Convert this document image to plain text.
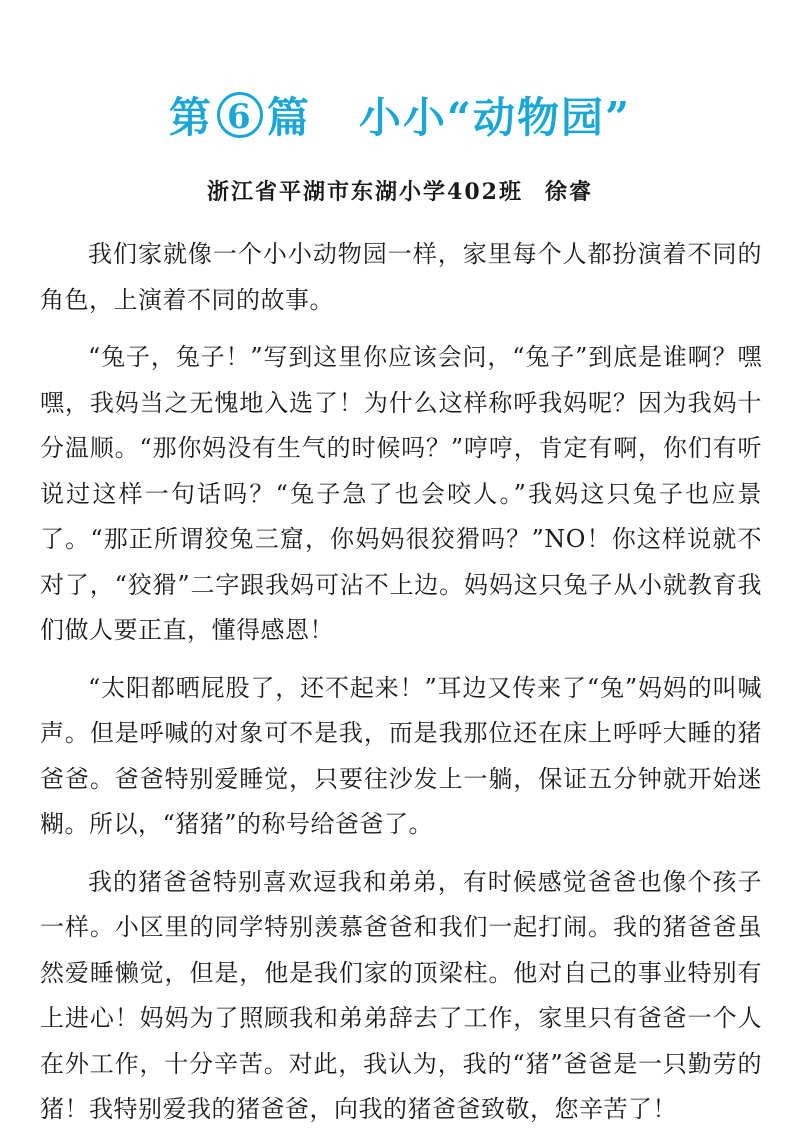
第 6 篇 小小“动物园”
浙江省平湖市东湖小学402班 徐睿

我们家就像一个小小动物园一样，家里每个人都扮演着不同的角色，上演着不同的故事。

“兔子，兔子！”写到这里你应该会问，“兔子”到底是谁啊？嘿嘿，我妈当之无愧地入选了！为什么这样称呼我妈呢？因为我妈十分温顺。“那你妈没有生气的时候吗？”哼哼，肯定有啊，你们有听说过这样一句话吗？“兔子急了也会咬人。”我妈这只兔子也应景了。“那正所谓狡兔三窟，你妈妈很狡猾吗？”NO！你这样说就不对了，“狡猾”二字跟我妈可沾不上边。妈妈这只兔子从小就教育我们做人要正直，懂得感恩！

“太阳都晒屁股了，还不起来！”耳边又传来了“兔”妈妈的叫喊声。但是呼喊的对象可不是我，而是我那位还在床上呼呼大睡的猪爸爸。爸爸特别爱睡觉，只要往沙发上一躺，保证五分钟就开始迷糊。所以，“猪猪”的称号给爸爸了。

我的猪爸爸特别喜欢逗我和弟弟，有时候感觉爸爸也像个孩子一样。小区里的同学特别羡慕爸爸和我们一起打闹。我的猪爸爸虽然爱睡懒觉，但是，他是我们家的顶梁柱。他对自己的事业特别有上进心！妈妈为了照顾我和弟弟辞去了工作，家里只有爸爸一个人在外工作，十分辛苦。对此，我认为，我的“猪”爸爸是一只勤劳的猪！我特别爱我的猪爸爸，向我的猪爸爸致敬，您辛苦了！
